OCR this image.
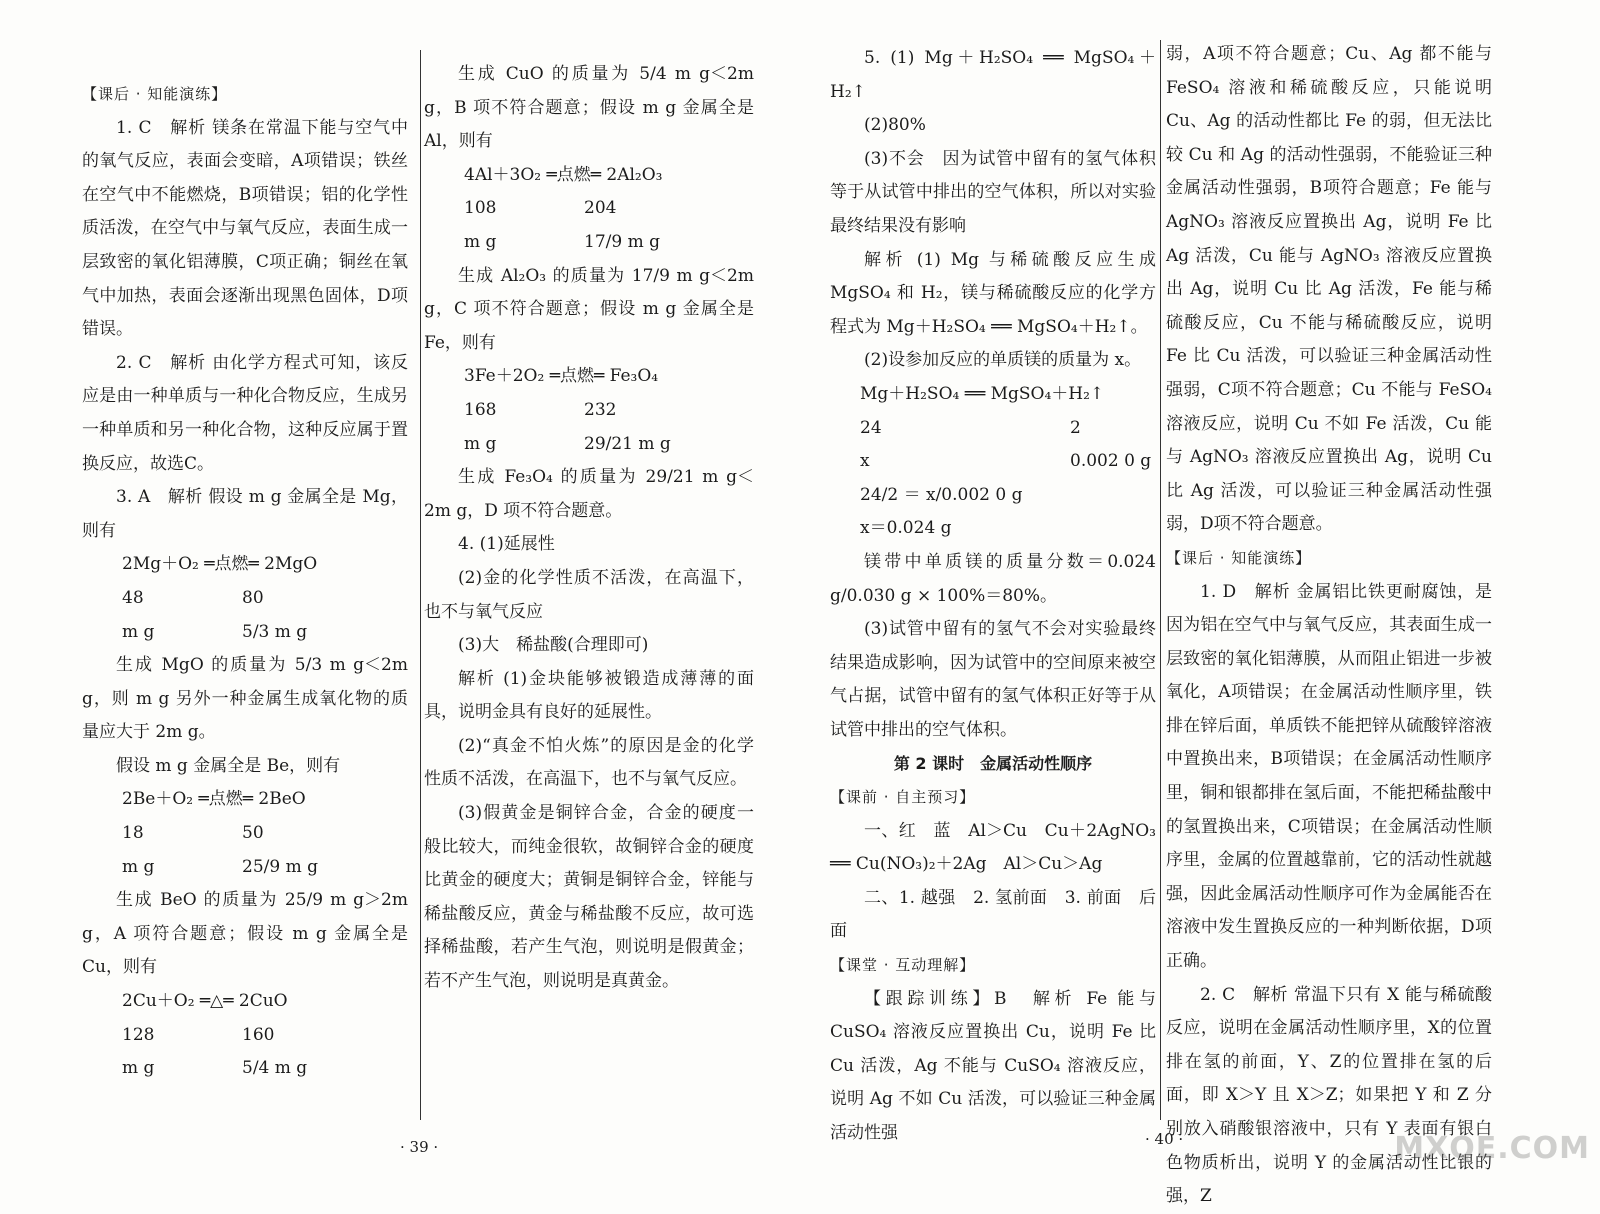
【课后 · 知能演练】

1. C　解析 镁条在常温下能与空气中的氧气反应，表面会变暗，A项错误；铁丝在空气中不能燃烧，B项错误；铝的化学性质活泼，在空气中与氧气反应，表面生成一层致密的氧化铝薄膜，C项正确；铜丝在氧气中加热，表面会逐渐出现黑色固体，D项错误。

2. C　解析 由化学方程式可知，该反应是由一种单质与一种化合物反应，生成另一种单质和另一种化合物，这种反应属于置换反应，故选C。

3. A　解析 假设 m g 金属全是 Mg，则有

2Mg＋O₂ ═点燃═ 2MgO

48	80

m g	5/3 m g

生成 MgO 的质量为 5/3 m g＜2m g，则 m g 另外一种金属生成氧化物的质量应大于 2m g。

假设 m g 金属全是 Be，则有

2Be＋O₂ ═点燃═ 2BeO

18	50

m g	25/9 m g

生成 BeO 的质量为 25/9 m g＞2m g，A 项符合题意；假设 m g 金属全是 Cu，则有

2Cu＋O₂ ═△═ 2CuO

128	160

m g	5/4 m g

生成 CuO 的质量为 5/4 m g＜2m g，B 项不符合题意；假设 m g 金属全是 Al，则有

4Al＋3O₂ ═点燃═ 2Al₂O₃

108	204

m g	17/9 m g

生成 Al₂O₃ 的质量为 17/9 m g＜2m g，C 项不符合题意；假设 m g 金属全是 Fe，则有

3Fe＋2O₂ ═点燃═ Fe₃O₄

168	232

m g	29/21 m g

生成 Fe₃O₄ 的质量为 29/21 m g＜2m g，D 项不符合题意。

4. (1)延展性

(2)金的化学性质不活泼，在高温下，也不与氧气反应

(3)大　稀盐酸(合理即可)

解析 (1)金块能够被锻造成薄薄的面具，说明金具有良好的延展性。

(2)“真金不怕火炼”的原因是金的化学性质不活泼，在高温下，也不与氧气反应。

(3)假黄金是铜锌合金，合金的硬度一般比较大，而纯金很软，故铜锌合金的硬度比黄金的硬度大；黄铜是铜锌合金，锌能与稀盐酸反应，黄金与稀盐酸不反应，故可选择稀盐酸，若产生气泡，则说明是假黄金；若不产生气泡，则说明是真黄金。

· 39 ·

5. (1) Mg＋H₂SO₄ ══ MgSO₄＋H₂↑

(2)80%

(3)不会　因为试管中留有的氢气体积等于从试管中排出的空气体积，所以对实验最终结果没有影响

解析 (1) Mg 与稀硫酸反应生成 MgSO₄ 和 H₂，镁与稀硫酸反应的化学方程式为 Mg＋H₂SO₄ ══ MgSO₄＋H₂↑。

(2)设参加反应的单质镁的质量为 x。

Mg＋H₂SO₄ ══ MgSO₄＋H₂↑

24	2

x	0.002 0 g

24/2 ＝ x/0.002 0 g

x＝0.024 g

镁带中单质镁的质量分数＝0.024 g/0.030 g × 100%＝80%。

(3)试管中留有的氢气不会对实验最终结果造成影响，因为试管中的空间原来被空气占据，试管中留有的氢气体积正好等于从试管中排出的空气体积。

第 2 课时　金属活动性顺序

【课前 · 自主预习】

一、红　蓝　Al＞Cu　Cu＋2AgNO₃ ══ Cu(NO₃)₂＋2Ag　Al＞Cu＞Ag

二、1. 越强　2. 氢前面　3. 前面　后面

【课堂 · 互动理解】

【跟踪训练】B　解析 Fe 能与 CuSO₄ 溶液反应置换出 Cu，说明 Fe 比 Cu 活泼，Ag 不能与 CuSO₄ 溶液反应，说明 Ag 不如 Cu 活泼，可以验证三种金属活动性强

弱，A项不符合题意；Cu、Ag 都不能与 FeSO₄ 溶液和稀硫酸反应，只能说明 Cu、Ag 的活动性都比 Fe 的弱，但无法比较 Cu 和 Ag 的活动性强弱，不能验证三种金属活动性强弱，B项符合题意；Fe 能与 AgNO₃ 溶液反应置换出 Ag，说明 Fe 比 Ag 活泼，Cu 能与 AgNO₃ 溶液反应置换出 Ag，说明 Cu 比 Ag 活泼，Fe 能与稀硫酸反应，Cu 不能与稀硫酸反应，说明 Fe 比 Cu 活泼，可以验证三种金属活动性强弱，C项不符合题意；Cu 不能与 FeSO₄ 溶液反应，说明 Cu 不如 Fe 活泼，Cu 能与 AgNO₃ 溶液反应置换出 Ag，说明 Cu 比 Ag 活泼，可以验证三种金属活动性强弱，D项不符合题意。

【课后 · 知能演练】

1. D　解析 金属铝比铁更耐腐蚀，是因为铝在空气中与氧气反应，其表面生成一层致密的氧化铝薄膜，从而阻止铝进一步被氧化，A项错误；在金属活动性顺序里，铁排在锌后面，单质铁不能把锌从硫酸锌溶液中置换出来，B项错误；在金属活动性顺序里，铜和银都排在氢后面，不能把稀盐酸中的氢置换出来，C项错误；在金属活动性顺序里，金属的位置越靠前，它的活动性就越强，因此金属活动性顺序可作为金属能否在溶液中发生置换反应的一种判断依据，D项正确。

2. C　解析 常温下只有 X 能与稀硫酸反应，说明在金属活动性顺序里，X的位置排在氢的前面，Y、Z的位置排在氢的后面，即 X＞Y 且 X＞Z；如果把 Y 和 Z 分别放入硝酸银溶液中，只有 Y 表面有银白色物质析出，说明 Y 的金属活动性比银的强，Z

· 40 ·	MXQE.COM
